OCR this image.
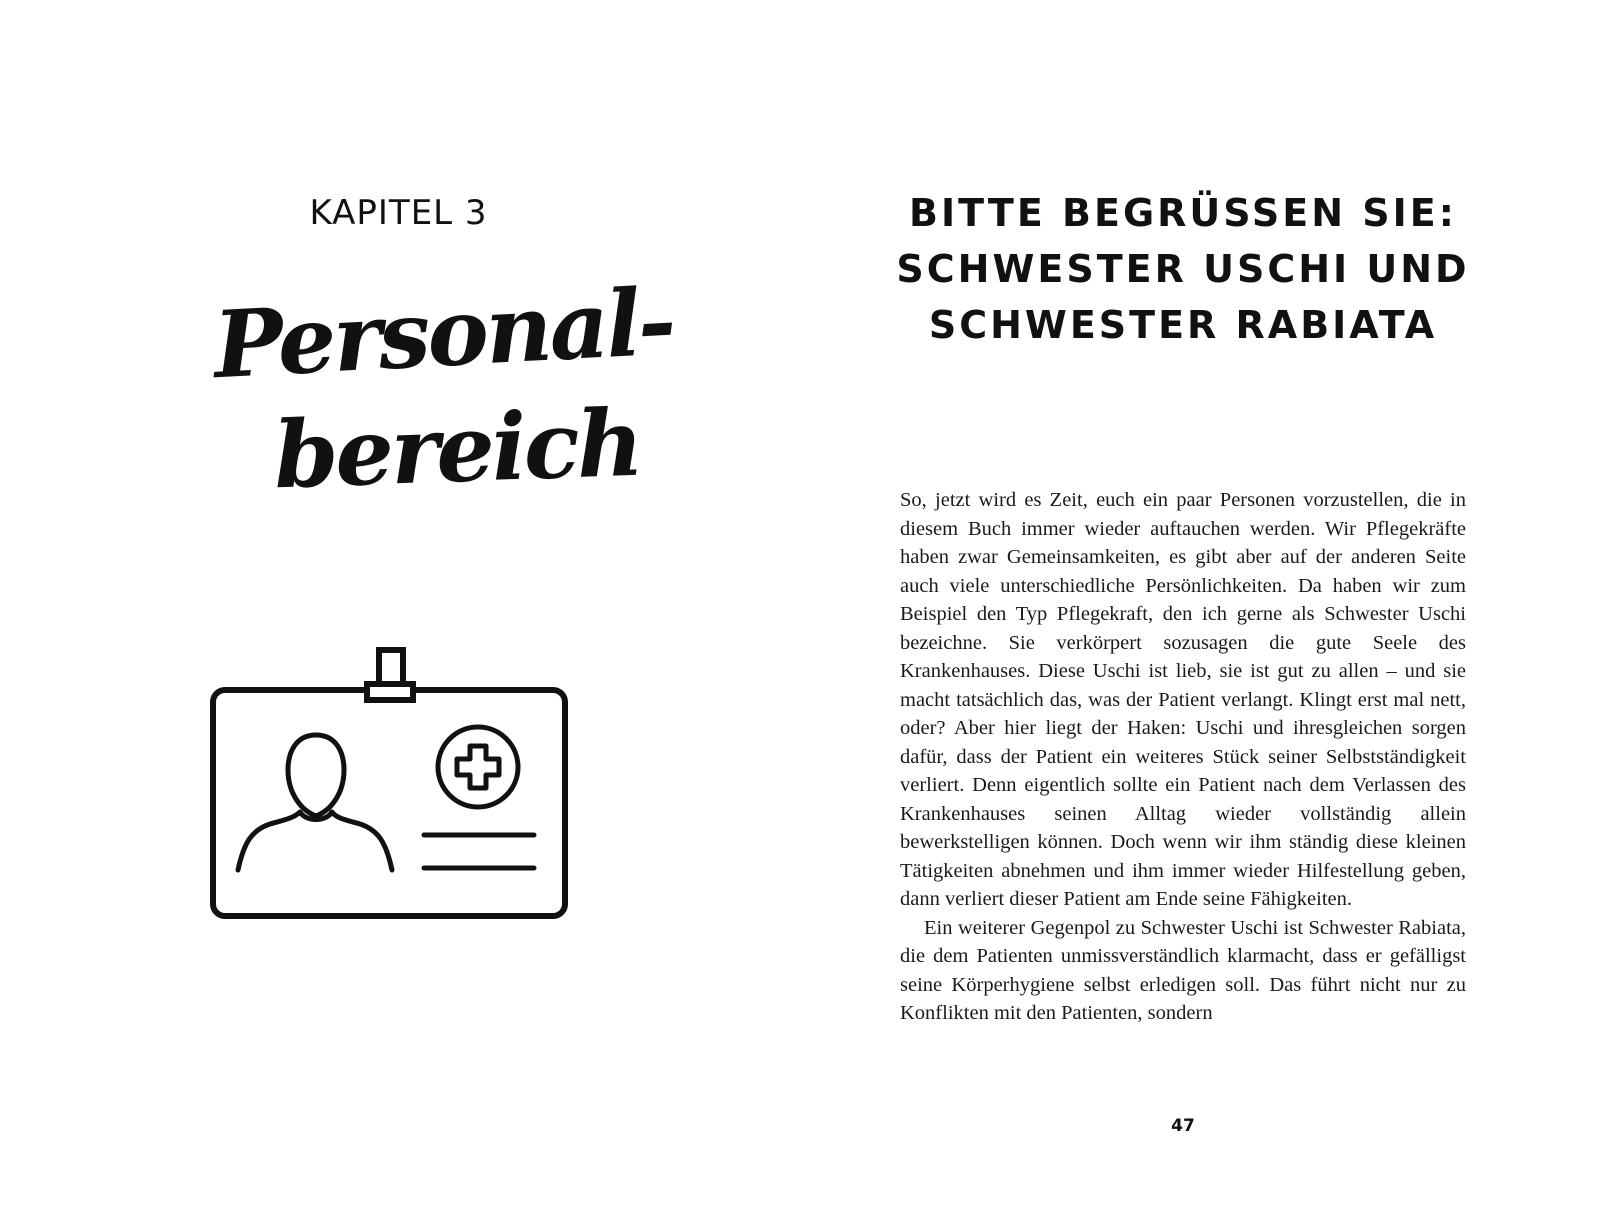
KAPITEL 3
Personal-
bereich
BITTE BEGRÜSSEN SIE:
SCHWESTER USCHI UND
SCHWESTER RABIATA

So, jetzt wird es Zeit, euch ein paar Personen vorzustellen, die in diesem Buch immer wieder auftauchen werden. Wir Pflegekräfte haben zwar Gemeinsamkeiten, es gibt aber auf der anderen Seite auch viele unterschiedliche Persönlichkeiten. Da haben wir zum Beispiel den Typ Pflegekraft, den ich gerne als Schwester Uschi bezeichne. Sie verkörpert sozusagen die gute Seele des Krankenhauses. Diese Uschi ist lieb, sie ist gut zu allen – und sie macht tatsächlich das, was der Patient verlangt. Klingt erst mal nett, oder? Aber hier liegt der Haken: Uschi und ihresgleichen sorgen dafür, dass der Patient ein weiteres Stück seiner Selbstständigkeit verliert. Denn eigentlich sollte ein Patient nach dem Verlassen des Krankenhauses seinen Alltag wieder vollständig allein bewerkstelligen können. Doch wenn wir ihm ständig diese kleinen Tätigkeiten abnehmen und ihm immer wieder Hilfestellung geben, dann verliert dieser Patient am Ende seine Fähigkeiten.

Ein weiterer Gegenpol zu Schwester Uschi ist Schwester Rabiata, die dem Patienten unmissverständlich klarmacht, dass er gefälligst seine Körperhygiene selbst erledigen soll. Das führt nicht nur zu Konflikten mit den Patienten, sondern

47
